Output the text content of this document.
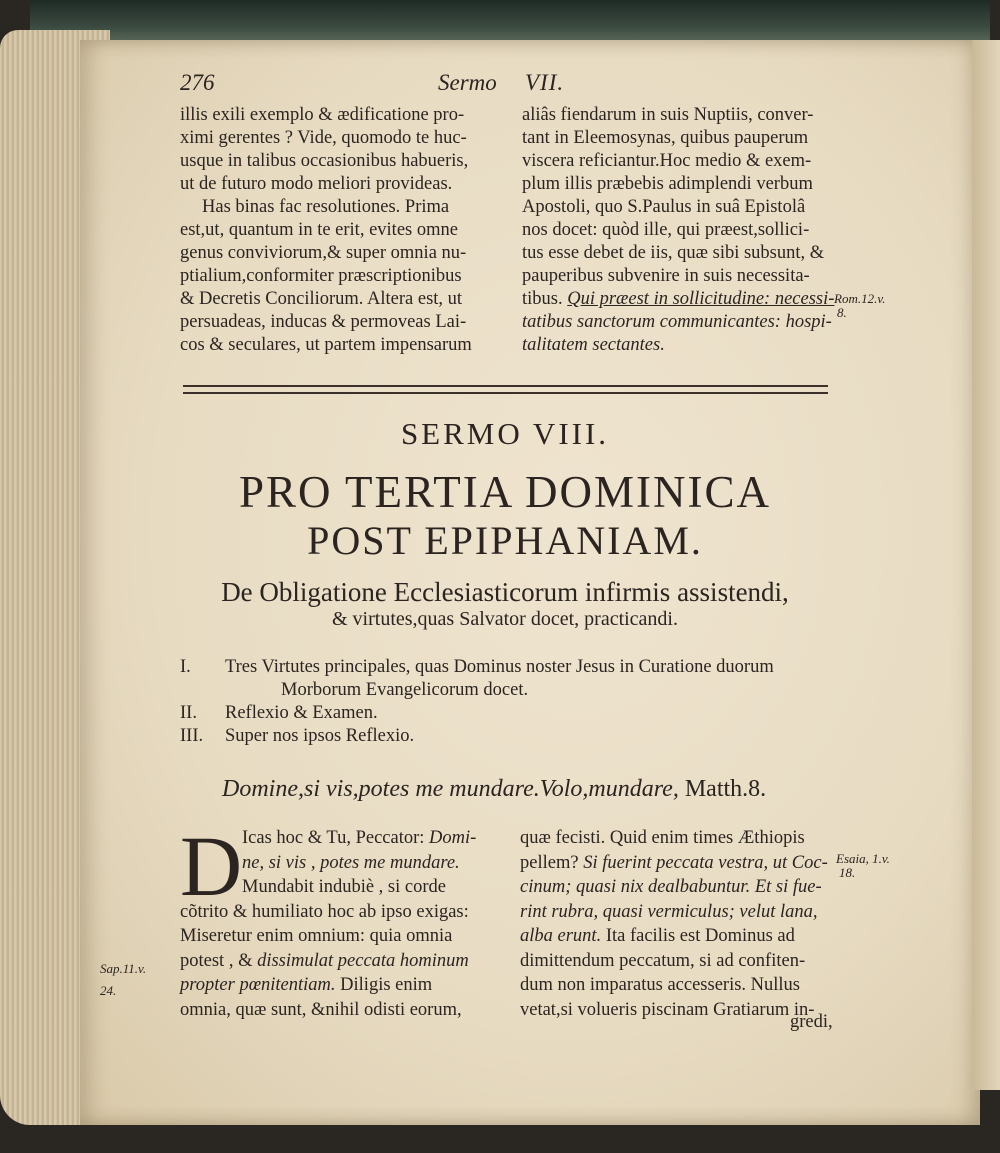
276	Sermo VII.
illis exili exemplo & ædificatione pro-
ximi gerentes ? Vide, quomodo te huc-
usque in talibus occasionibus habueris,
ut de futuro modo meliori provideas.
Has binas fac resolutiones. Prima
est,ut, quantum in te erit, evites omne
genus conviviorum,& super omnia nu-
ptialium,conformiter præscriptionibus
& Decretis Conciliorum. Altera est, ut
persuadeas, inducas & permoveas Lai-
cos & seculares, ut partem impensarum
aliâs fiendarum in suis Nuptiis, conver-
tant in Eleemosynas, quibus pauperum
viscera reficiantur.Hoc medio & exem-
plum illis præbebis adimplendi verbum
Apostoli, quo S.Paulus in suâ Epistolâ
nos docet: quòd ille, qui præest,sollici-
tus esse debet de iis, quæ sibi subsunt, &
pauperibus subvenire in suis necessita-
tibus. Qui præest in sollicitudine: necessi-
tatibus sanctorum communicantes: hospi-
talitatem sectantes.
Rom.12.v.
8.
SERMO VIII.
PRO TERTIA DOMINICA
POST EPIPHANIAM.
De Obligatione Ecclesiasticorum infirmis assistendi,
& virtutes,quas Salvator docet, practicandi.
I. Tres Virtutes principales, quas Dominus noster Jesus in Curatione duorum
Morborum Evangelicorum docet.
II. Reflexio & Examen.
III. Super nos ipsos Reflexio.
Domine,si vis,potes me mundare.Volo,mundare, Matth.8.
D Icas hoc & Tu, Peccator: Domi-
ne, si vis , potes me mundare.
Mundabit indubiè , si corde
cõtrito & humiliato hoc ab ipso exigas:
Miseretur enim omnium: quia omnia
potest , & dissimulat peccata hominum
propter pœnitentiam. Diligis enim
omnia, quæ sunt, &nihil odisti eorum,
Sap.11.v.
24.
quæ fecisti. Quid enim times Æthiopis
pellem? Si fuerint peccata vestra, ut Coc-
cinum; quasi nix dealbabuntur. Et si fue-
rint rubra, quasi vermiculus; velut lana,
alba erunt. Ita facilis est Dominus ad
dimittendum peccatum, si ad confiten-
dum non imparatus accesseris. Nullus
vetat,si volueris piscinam Gratiarum in-
Esaia, 1.v.
18.
gredi,
